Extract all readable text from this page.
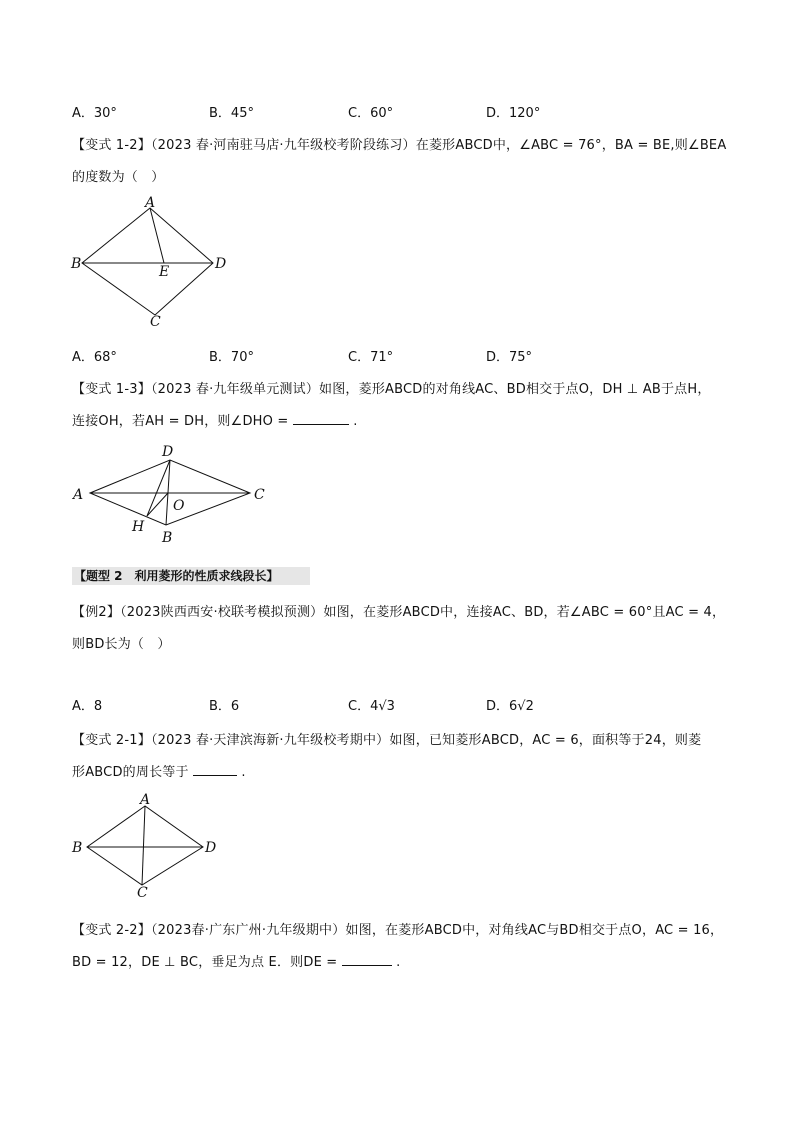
A．30°	B．45°	C．60°	D．120°
【变式 1-2】（2023 春·河南驻马店·九年级校考阶段练习）在菱形ABCD中，∠ABC = 76°，BA = BE,则∠BEA
的度数为（　）
A
B
C
D
E
A．68°	B．70°	C．71°	D．75°
【变式 1-3】（2023 春·九年级单元测试）如图，菱形ABCD的对角线AC、BD相交于点O，DH ⊥ AB于点H，
连接OH，若AH = DH，则∠DHO =	.
A
D
C
B
H
O
【题型 2　利用菱形的性质求线段长】
【例2】（2023陕西西安·校联考模拟预测）如图，在菱形ABCD中，连接AC、BD，若∠ABC = 60°且AC = 4，
则BD长为（　）
A．8	B．6	C．4√3	D．6√2
【变式 2-1】（2023 春·天津滨海新·九年级校考期中）如图，已知菱形ABCD，AC = 6，面积等于24，则菱
形ABCD的周长等于	.
A
B
C
D
【变式 2-2】（2023春·广东广州·九年级期中）如图，在菱形ABCD中，对角线AC与BD相交于点O，AC = 16，
BD = 12，DE ⊥ BC，垂足为点 E．则DE =	.
